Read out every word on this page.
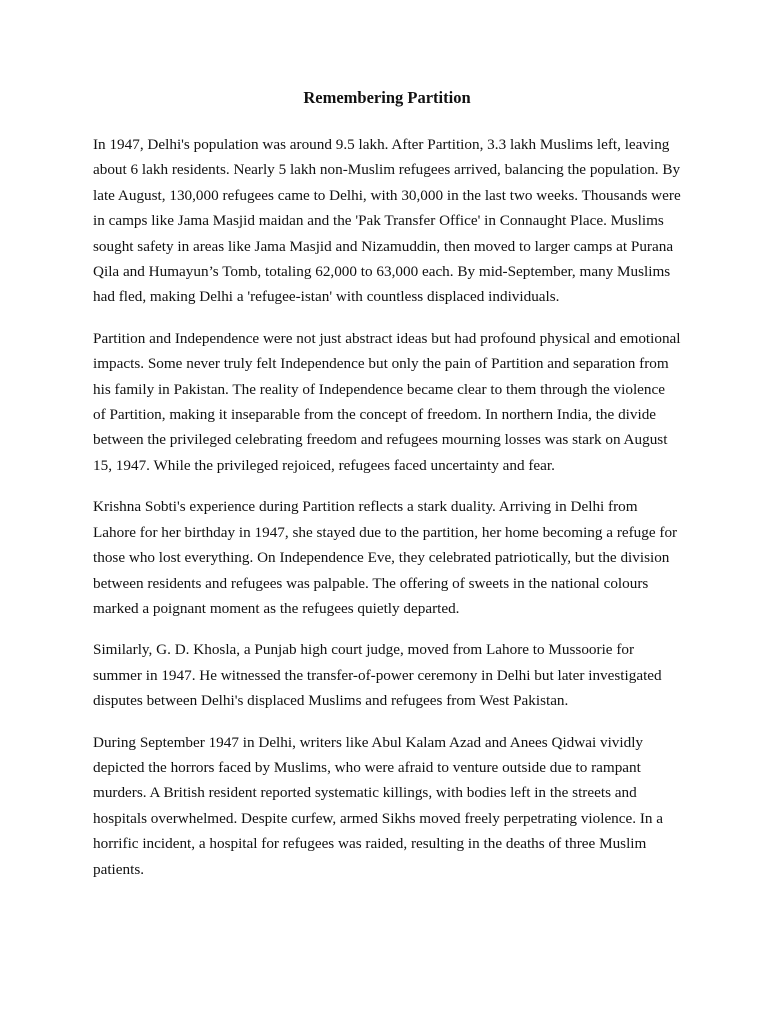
Remembering Partition

In 1947, Delhi's population was around 9.5 lakh. After Partition, 3.3 lakh Muslims left, leaving about 6 lakh residents. Nearly 5 lakh non-Muslim refugees arrived, balancing the population. By late August, 130,000 refugees came to Delhi, with 30,000 in the last two weeks. Thousands were in camps like Jama Masjid maidan and the 'Pak Transfer Office' in Connaught Place. Muslims sought safety in areas like Jama Masjid and Nizamuddin, then moved to larger camps at Purana Qila and Humayun’s Tomb, totaling 62,000 to 63,000 each. By mid-September, many Muslims had fled, making Delhi a 'refugee-istan' with countless displaced individuals.

Partition and Independence were not just abstract ideas but had profound physical and emotional impacts. Some never truly felt Independence but only the pain of Partition and separation from his family in Pakistan. The reality of Independence became clear to them through the violence of Partition, making it inseparable from the concept of freedom. In northern India, the divide between the privileged celebrating freedom and refugees mourning losses was stark on August 15, 1947. While the privileged rejoiced, refugees faced uncertainty and fear.

Krishna Sobti's experience during Partition reflects a stark duality. Arriving in Delhi from Lahore for her birthday in 1947, she stayed due to the partition, her home becoming a refuge for those who lost everything. On Independence Eve, they celebrated patriotically, but the division between residents and refugees was palpable. The offering of sweets in the national colours marked a poignant moment as the refugees quietly departed.

Similarly, G. D. Khosla, a Punjab high court judge, moved from Lahore to Mussoorie for summer in 1947. He witnessed the transfer-of-power ceremony in Delhi but later investigated disputes between Delhi's displaced Muslims and refugees from West Pakistan.

During September 1947 in Delhi, writers like Abul Kalam Azad and Anees Qidwai vividly depicted the horrors faced by Muslims, who were afraid to venture outside due to rampant murders. A British resident reported systematic killings, with bodies left in the streets and hospitals overwhelmed. Despite curfew, armed Sikhs moved freely perpetrating violence. In a horrific incident, a hospital for refugees was raided, resulting in the deaths of three Muslim patients.
